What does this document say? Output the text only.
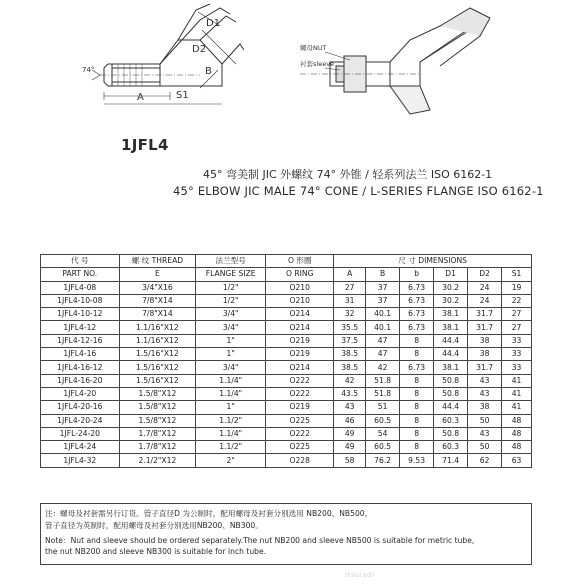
D1
D2
B
S1
A
74°
螺母NUT
衬套sleeve
1JFL4
45° 弯美制 JIC 外螺纹 74° 外锥 / 轻系列法兰 ISO 6162-1
45° ELBOW JIC MALE 74° CONE / L-SERIES FLANGE ISO 6162-1
代 号	螺 纹 THREAD	法兰型号	O 形圈	尺 寸 DIMENSIONS					
PART NO.	E	FLANGE SIZE	O RING	A	B	b	D1	D2	S1
1JFL4-08	3/4"X16	1/2"	O210	27	37	6.73	30.2	24	19
1JFL4-10-08	7/8"X14	1/2"	O210	31	37	6.73	30.2	24	22
1JFL4-10-12	7/8"X14	3/4"	O214	32	40.1	6.73	38.1	31.7	27
1JFL4-12	1.1/16"X12	3/4"	O214	35.5	40.1	6.73	38.1	31.7	27
1JFL4-12-16	1.1/16"X12	1"	O219	37.5	47	8	44.4	38	33
1JFL4-16	1.5/16"X12	1"	O219	38.5	47	8	44.4	38	33
1JFL4-16-12	1.5/16"X12	3/4"	O214	38.5	42	6.73	38.1	31.7	33
1JFL4-16-20	1.5/16"X12	1.1/4"	O222	42	51.8	8	50.8	43	41
1JFL4-20	1.5/8"X12	1.1/4"	O222	43.5	51.8	8	50.8	43	41
1JFL4-20-16	1.5/8"X12	1"	O219	43	51	8	44.4	38	41
1JFL4-20-24	1.5/8"X12	1.1/2"	O225	46	60.5	8	60.3	50	48
1JFL-24-20	1.7/8"X12	1.1/4"	O222	49	54	8	50.8	43	48
1JFL4-24	1.7/8"X12	1.1/2"	O225	49	60.5	8	60.3	50	48
1JFL4-32	2.1/2"X12	2"	O228	58	76.2	9.53	71.4	62	63
注：螺母及衬套需另行订货。管子直径D 为公制时，配用螺母及衬套分别选用 NB200、NB500。
管子直径为英制时，配用螺母及衬套分别选用NB200、NB300。
Note：Nut and sleeve should be ordered separately.The nut NB200 and sleeve NB500 is suitable for metric tube,
the nut NB200 and sleeve NB300 is suitable for inch tube.
itsuiadi
